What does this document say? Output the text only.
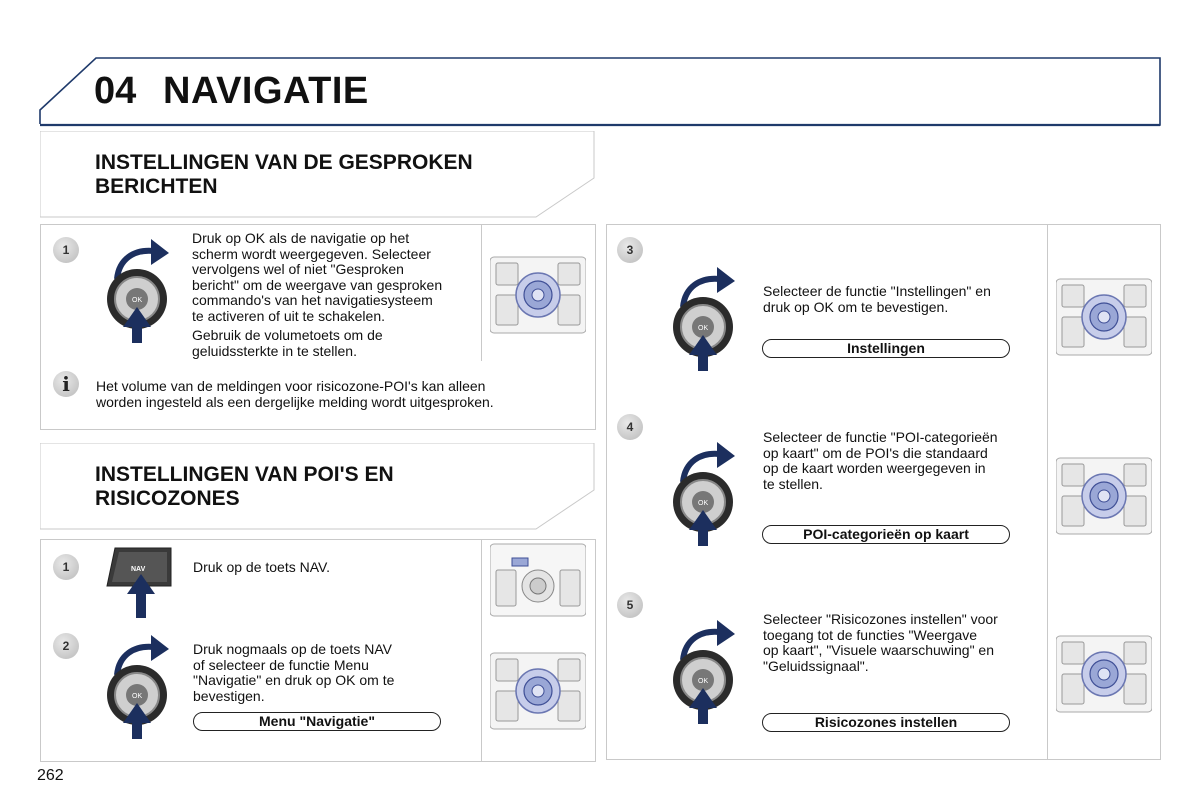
04 NAVIGATIE
INSTELLINGEN VAN DE GESPROKEN
BERICHTEN
1
OK
Druk op OK als de navigatie op het
scherm wordt weergegeven. Selecteer
vervolgens wel of niet "Gesproken
bericht" om de weergave van gesproken
commando's van het navigatiesysteem
te activeren of uit te schakelen.
Gebruik de volumetoets om de
geluidssterkte in te stellen.
i	Het volume van de meldingen voor risicozone-POI's kan alleen
worden ingesteld als een dergelijke melding wordt uitgesproken.
INSTELLINGEN VAN POI'S EN
RISICOZONES
1	NAV	Druk op de toets NAV.
2
OK
Druk nogmaals op de toets NAV
of selecteer de functie Menu
"Navigatie" en druk op OK om te
bevestigen.
Menu "Navigatie"
3
OK
Selecteer de functie "Instellingen" en
druk op OK om te bevestigen.
Instellingen
4
OK
Selecteer de functie "POI-categorieën
op kaart" om de POI's die standaard
op de kaart worden weergegeven in
te stellen.
POI-categorieën op kaart
5
OK
Selecteer "Risicozones instellen" voor
toegang tot de functies "Weergave
op kaart", "Visuele waarschuwing" en
"Geluidssignaal".
Risicozones instellen
262
